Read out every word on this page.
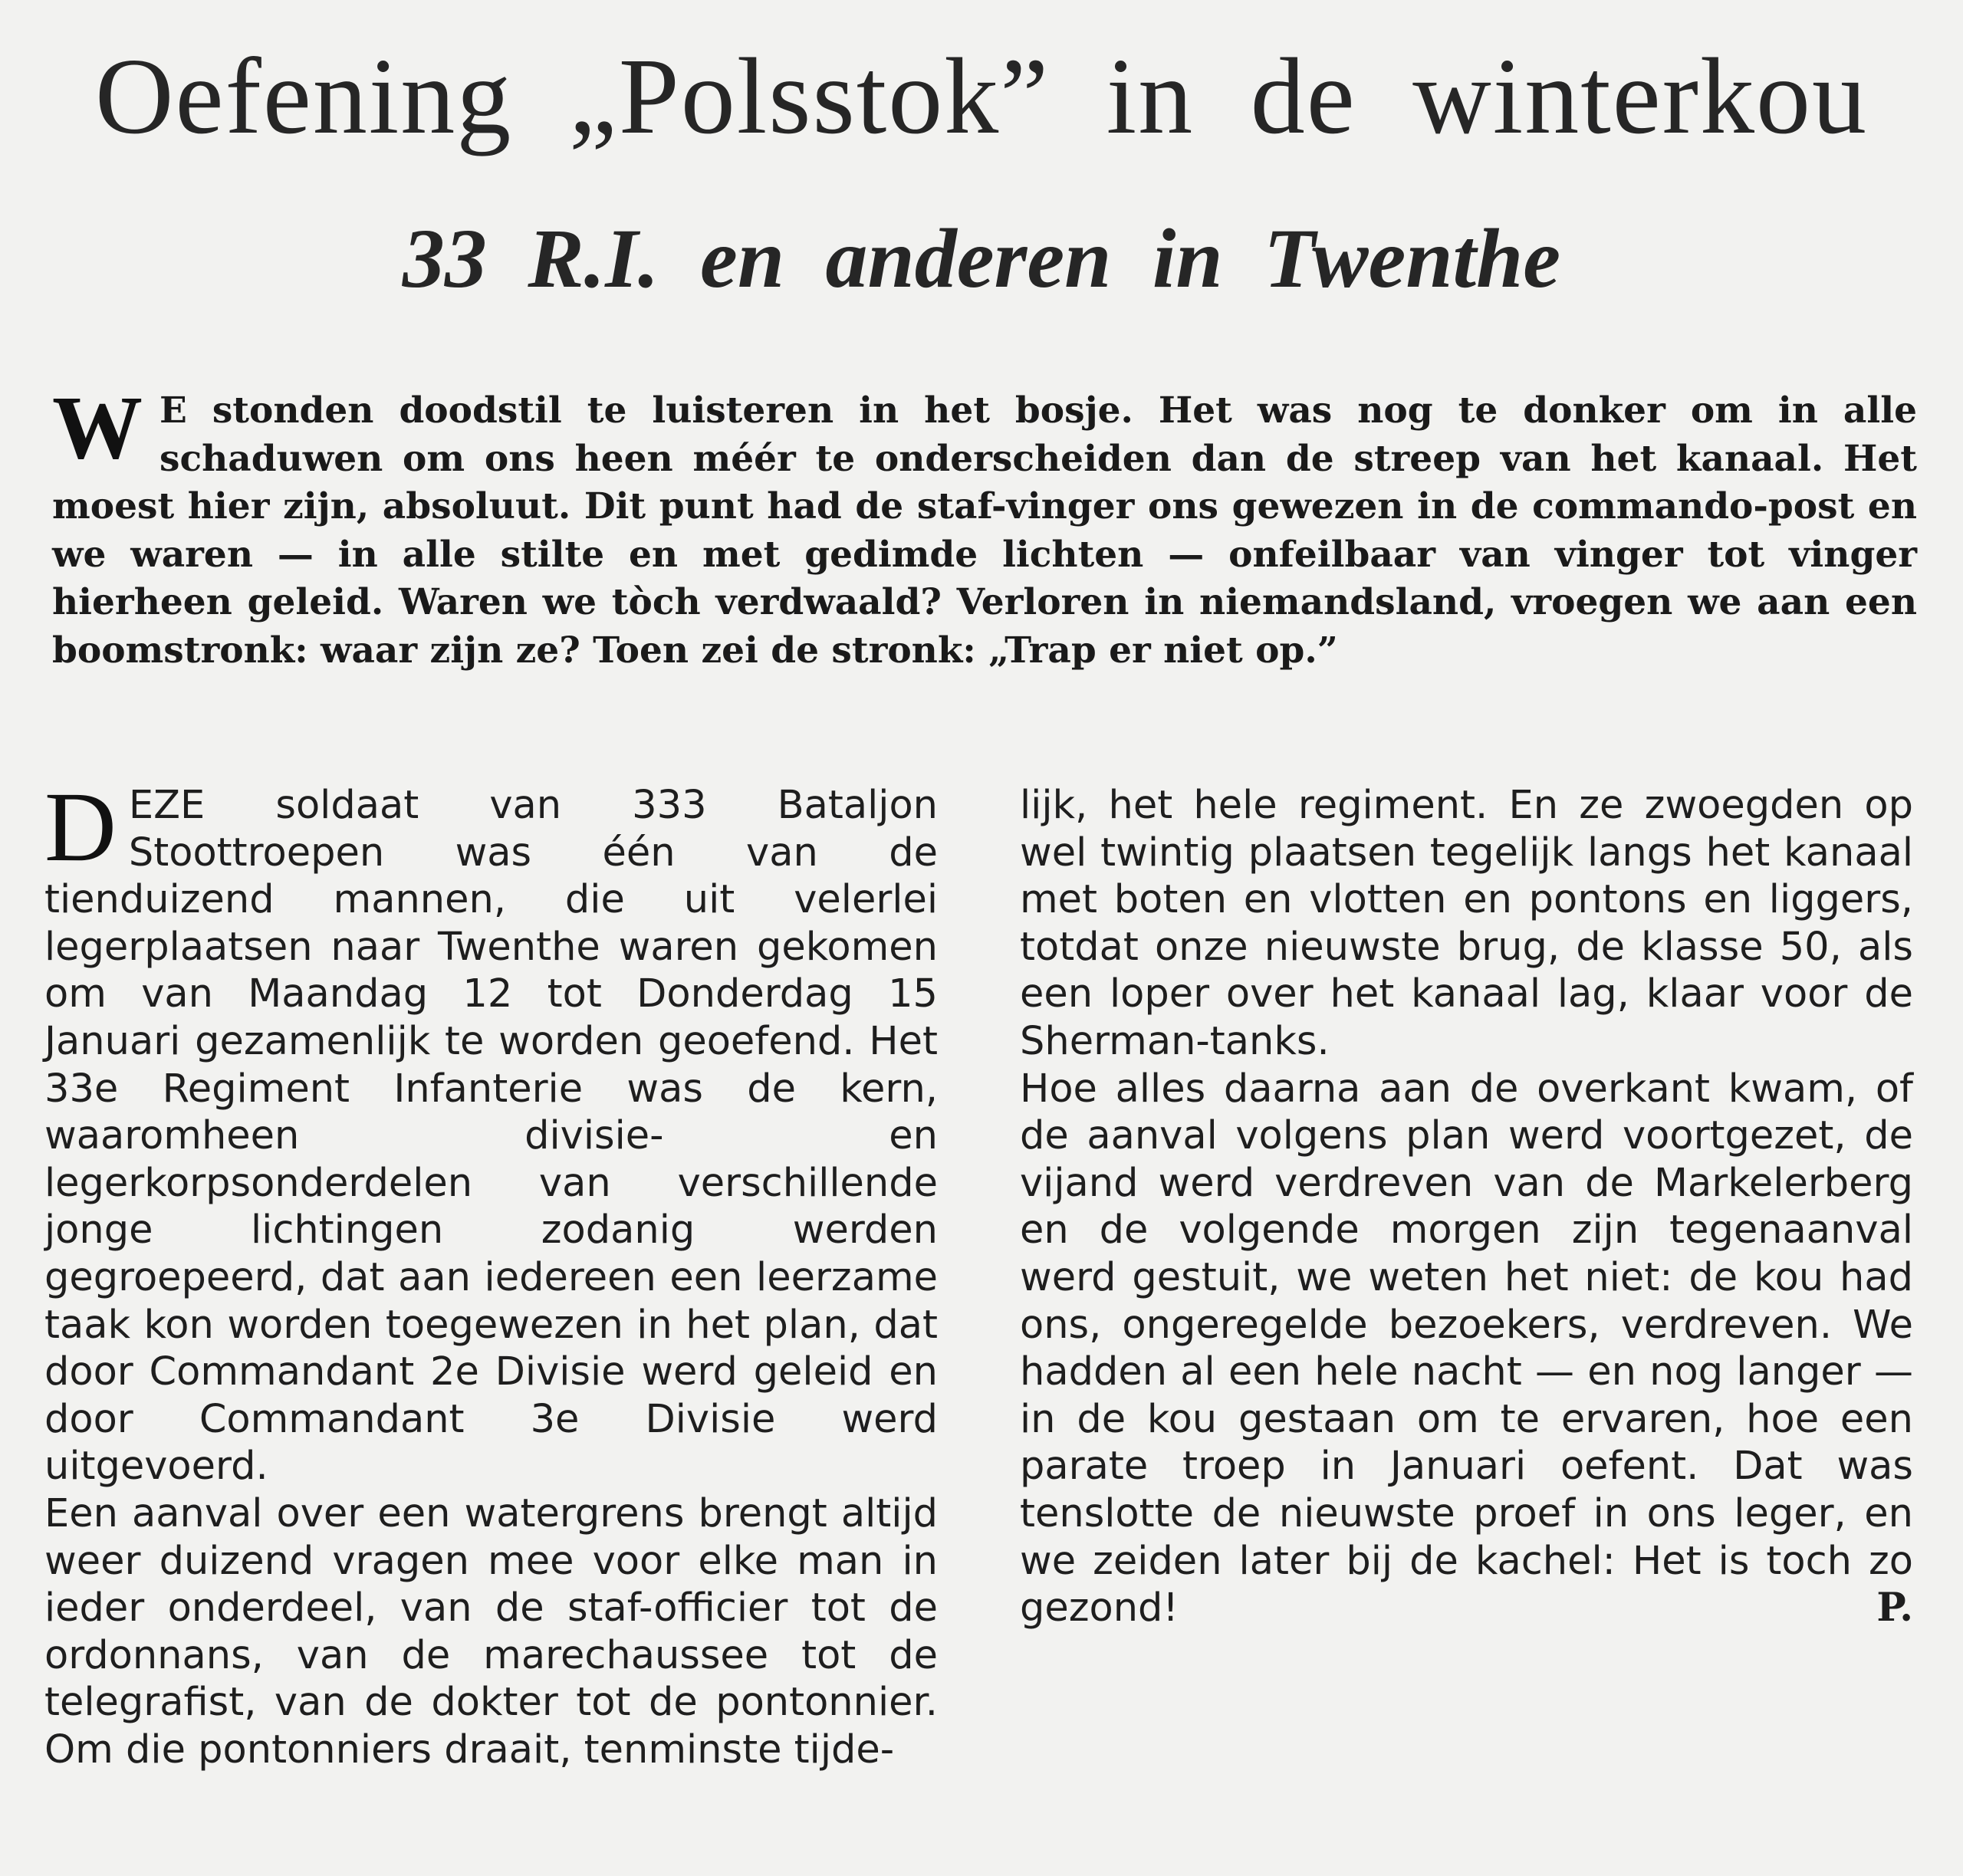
Oefening „Polsstok” in de winterkou
33 R.I. en anderen in Twenthe

W E stonden doodstil te luisteren in het bosje. Het was nog te donker om in alle schaduwen om ons heen méér te onderscheiden dan de streep van het kanaal. Het moest hier zijn, absoluut. Dit punt had de staf-vinger ons gewezen in de commando-post en we waren — in alle stilte en met gedimde lichten — onfeilbaar van vinger tot vinger hierheen geleid. Waren we tòch verdwaald? Verloren in niemandsland, vroegen we aan een boomstronk: waar zijn ze? Toen zei de stronk: „Trap er niet op.”

DEZE soldaat van 333 Bataljon Stoottroepen was één van de tienduizend mannen, die uit velerlei legerplaatsen naar Twenthe waren gekomen om van Maandag 12 tot Donderdag 15 Januari gezamenlijk te worden geoefend. Het 33e Regiment Infanterie was de kern, waaromheen divisie- en legerkorpsonderdelen van verschillende jonge lichtingen zodanig werden gegroepeerd, dat aan iedereen een leerzame taak kon worden toegewezen in het plan, dat door Commandant 2e Divisie werd geleid en door Commandant 3e Divisie werd uitgevoerd.

Een aanval over een watergrens brengt altijd weer duizend vragen mee voor elke man in ieder onderdeel, van de staf-officier tot de ordonnans, van de marechaussee tot de telegrafist, van de dokter tot de pontonnier. Om die pontonniers draait, tenminste tijde-

lijk, het hele regiment. En ze zwoegden op wel twintig plaatsen tegelijk langs het kanaal met boten en vlotten en pontons en liggers, totdat onze nieuwste brug, de klasse 50, als een loper over het kanaal lag, klaar voor de Sherman-tanks.

Hoe alles daarna aan de overkant kwam, of de aanval volgens plan werd voortgezet, de vijand werd verdreven van de Markelerberg en de volgende morgen zijn tegenaanval werd gestuit, we weten het niet: de kou had ons, ongeregelde bezoekers, verdreven. We hadden al een hele nacht — en nog langer — in de kou gestaan om te ervaren, hoe een parate troep in Januari oefent. Dat was tenslotte de nieuwste proef in ons leger, en we zeiden later bij de kachel: Het is toch zo gezond!	P.
